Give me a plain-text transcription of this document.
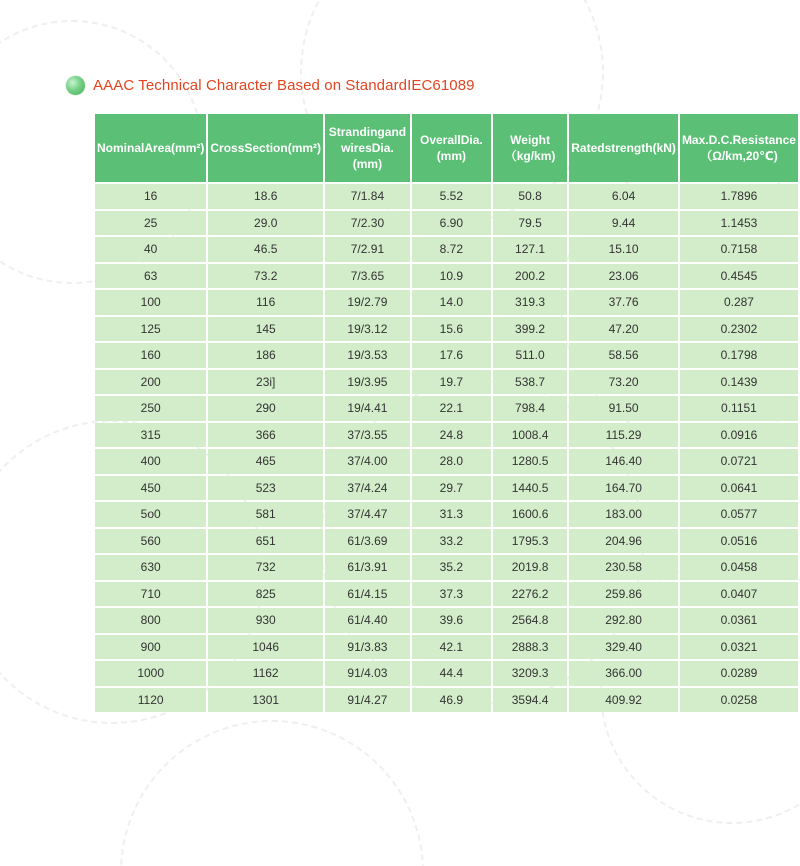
AAAC Technical Character Based on StandardIEC61089
NominalArea(mm²)	CrossSection(mm²)	Strandingand wiresDia.(mm)	OverallDia.(mm)	Weight（kg/km)	Ratedstrength(kN)	Max.D.C.Resistance（Ω/km,20℃)
16	18.6	7/1.84	5.52	50.8	6.04	1.7896
25	29.0	7/2.30	6.90	79.5	9.44	1.1453
40	46.5	7/2.91	8.72	127.1	15.10	0.7158
63	73.2	7/3.65	10.9	200.2	23.06	0.4545
100	116	19/2.79	14.0	319.3	37.76	0.287
125	145	19/3.12	15.6	399.2	47.20	0.2302
160	186	19/3.53	17.6	511.0	58.56	0.1798
200	23i]	19/3.95	19.7	538.7	73.20	0.1439
250	290	19/4.41	22.1	798.4	91.50	0.1151
315	366	37/3.55	24.8	1008.4	115.29	0.0916
400	465	37/4.00	28.0	1280.5	146.40	0.0721
450	523	37/4.24	29.7	1440.5	164.70	0.0641
5o0	581	37/4.47	31.3	1600.6	183.00	0.0577
560	651	61/3.69	33.2	1795.3	204.96	0.0516
630	732	61/3.91	35.2	2019.8	230.58	0.0458
710	825	61/4.15	37.3	2276.2	259.86	0.0407
800	930	61/4.40	39.6	2564.8	292.80	0.0361
900	1046	91/3.83	42.1	2888.3	329.40	0.0321
1000	1162	91/4.03	44.4	3209.3	366.00	0.0289
1120	1301	91/4.27	46.9	3594.4	409.92	0.0258
